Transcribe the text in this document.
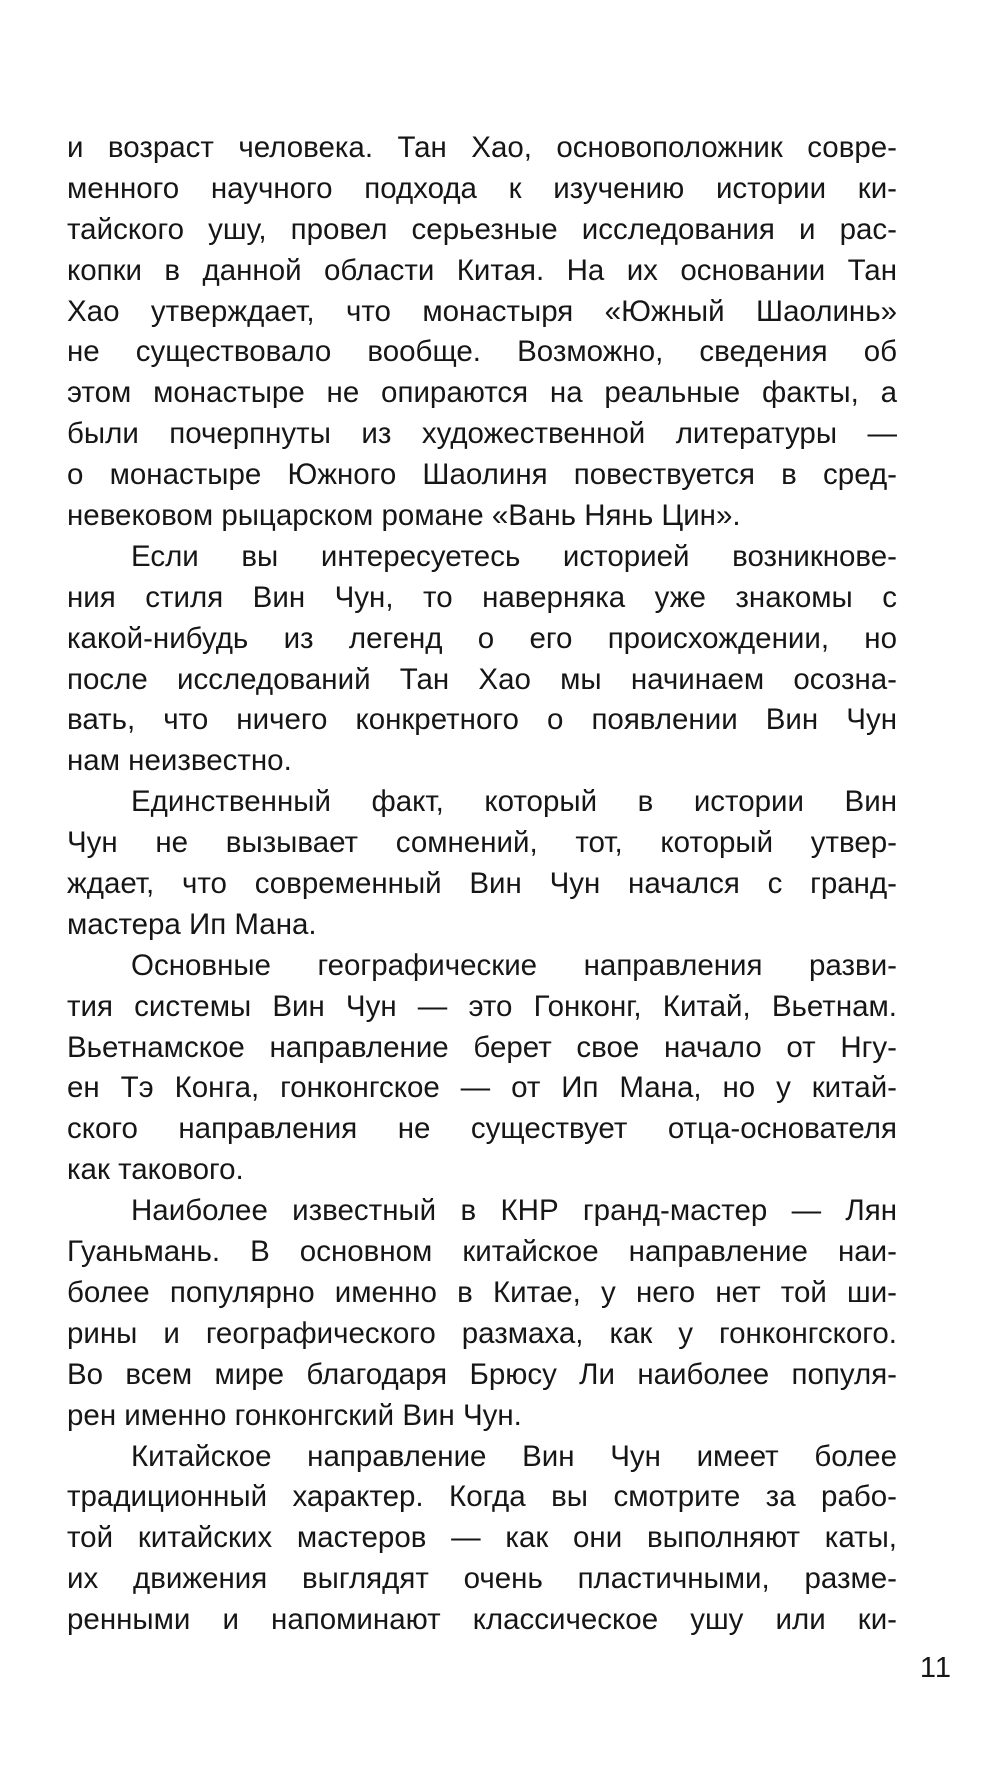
и возраст человека. Тан Хао, основоположник совре-
менного научного подхода к изучению истории ки-
тайского ушу, провел серьезные исследования и рас-
копки в данной области Китая. На их основании Тан
Хао утверждает, что монастыря «Южный Шаолинь»
не существовало вообще. Возможно, сведения об
этом монастыре не опираются на реальные факты, а
были почерпнуты из художественной литературы —
о монастыре Южного Шаолиня повествуется в сред-
невековом рыцарском романе «Вань Нянь Цин».
Если вы интересуетесь историей возникнове-
ния стиля Вин Чун, то наверняка уже знакомы с
какой-нибудь из легенд о его происхождении, но
после исследований Тан Хао мы начинаем осозна-
вать, что ничего конкретного о появлении Вин Чун
нам неизвестно.
Единственный факт, который в истории Вин
Чун не вызывает сомнений, тот, который утвер-
ждает, что современный Вин Чун начался с гранд-
мастера Ип Мана.
Основные географические направления разви-
тия системы Вин Чун — это Гонконг, Китай, Вьетнам.
Вьетнамское направление берет свое начало от Нгу-
ен Тэ Конга, гонконгское — от Ип Мана, но у китай-
ского направления не существует отца-основателя
как такового.
Наиболее известный в КНР гранд-мастер — Лян
Гуаньмань. В основном китайское направление наи-
более популярно именно в Китае, у него нет той ши-
рины и географического размаха, как у гонконгского.
Во всем мире благодаря Брюсу Ли наиболее популя-
рен именно гонконгский Вин Чун.
Китайское направление Вин Чун имеет более
традиционный характер. Когда вы смотрите за рабо-
той китайских мастеров — как они выполняют каты,
их движения выглядят очень пластичными, разме-
ренными и напоминают классическое ушу или ки-
11
